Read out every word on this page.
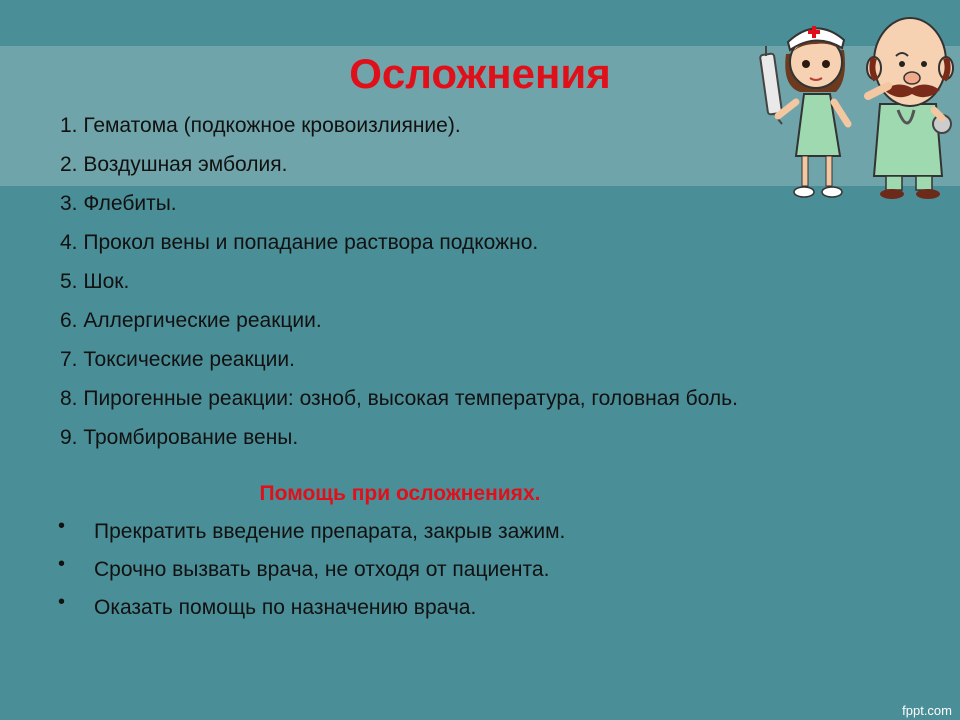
Осложнения
1. Гематома (подкожное кровоизлияние).
2. Воздушная эмболия.
3. Флебиты.
4. Прокол вены и попадание раствора подкожно.
5. Шок.
6. Аллергические реакции.
7. Токсические реакции.
8. Пирогенные реакции: озноб, высокая температура, головная боль.
9. Тромбирование вены.
Помощь при осложнениях.
• Прекратить введение препарата, закрыв зажим.
• Срочно вызвать врача, не отходя от пациента.
• Оказать помощь по назначению врача.
fppt.com
